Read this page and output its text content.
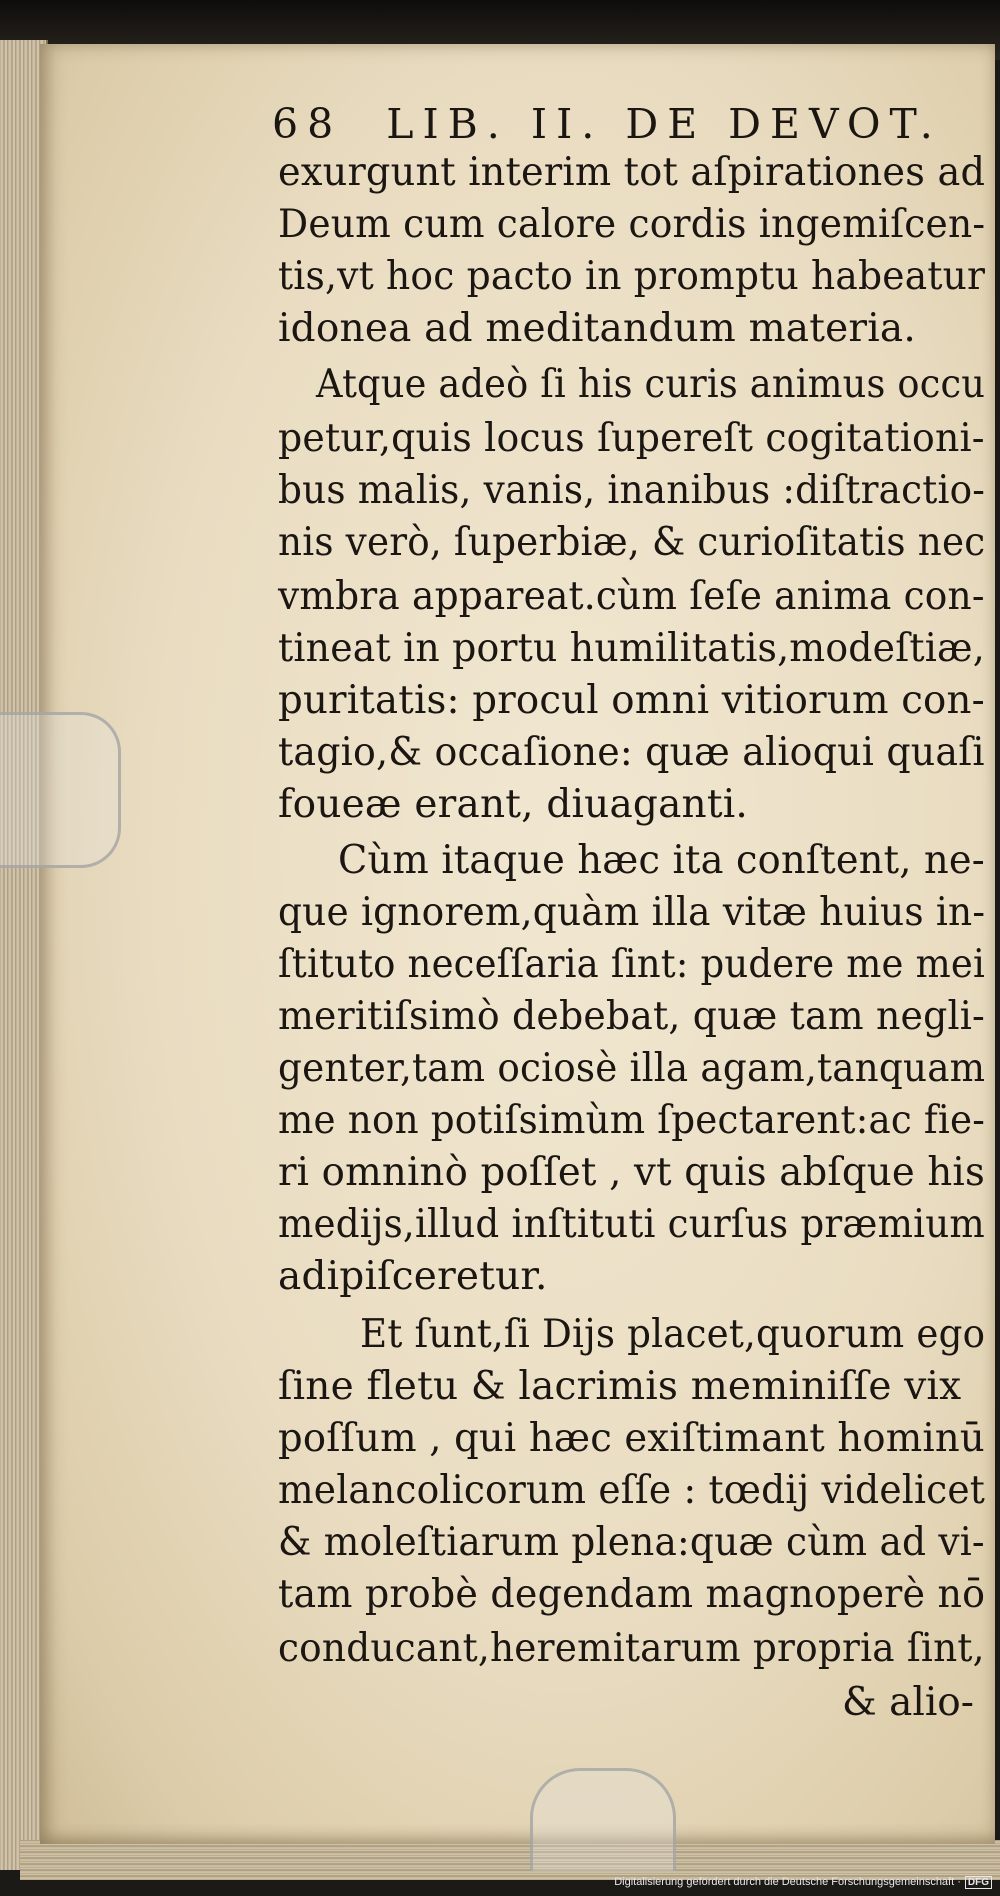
68 LIB. II. DE DEVOT.
exurgunt interim tot aſpirationes ad
Deum cum calore cordis ingemiſcen-
tis,vt hoc pacto in promptu habeatur
idonea ad meditandum materia.
Atque adeò ſi his curis animus occu
petur,quis locus ſupereſt cogitationi-
bus malis, vanis, inanibus :diſtractio-
nis verò, ſuperbiæ, & curioſitatis nec
vmbra appareat.cùm ſeſe anima con-
tineat in portu humilitatis,modeſtiæ,
puritatis: procul omni vitiorum con-
tagio,& occaſione: quæ alioqui quaſi
foueæ erant, diuaganti.
Cùm itaque hæc ita conſtent, ne-
que ignorem,quàm illa vitæ huius in-
ſtituto neceſſaria ſint: pudere me mei
meritiſsimò debebat, quæ tam negli-
genter,tam ociosè illa agam,tanquam
me non potiſsimùm ſpectarent:ac fie-
ri omninò poſſet , vt quis abſque his
medijs,illud inſtituti curſus præmium
adipiſceretur.
Et ſunt,ſi Dijs placet,quorum ego
ſine fletu & lacrimis meminiſſe vix
poſſum , qui hæc exiſtimant hominū
melancolicorum eſſe : tœdij videlicet
& moleſtiarum plena:quæ cùm ad vi-
tam probè degendam magnoperè nō
conducant,heremitarum propria ſint,
& alio-
Digitalisierung gefördert durch die Deutsche Forschungsgemeinschaft · DFG
